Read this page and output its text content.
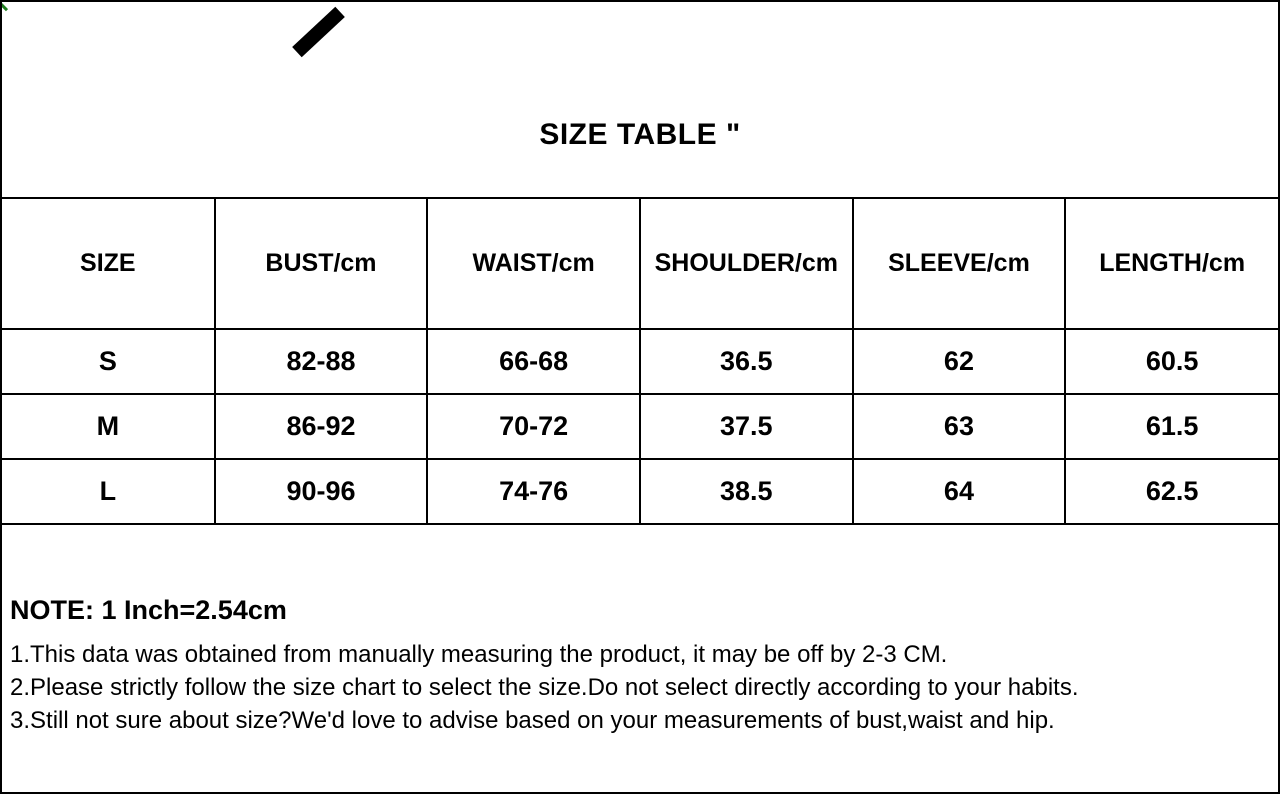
SIZE TABLE "
SIZE	BUST/cm	WAIST/cm	SHOULDER/cm	SLEEVE/cm	LENGTH/cm
S	82-88	66-68	36.5	62	60.5
M	86-92	70-72	37.5	63	61.5
L	90-96	74-76	38.5	64	62.5
NOTE: 1 Inch=2.54cm
1.This data was obtained from manually measuring the product, it may be off by 2-3 CM.
2.Please strictly follow the size chart to select the size.Do not select directly according to your habits.
3.Still not sure about size?We'd love to advise based on your measurements of bust,waist and hip.
